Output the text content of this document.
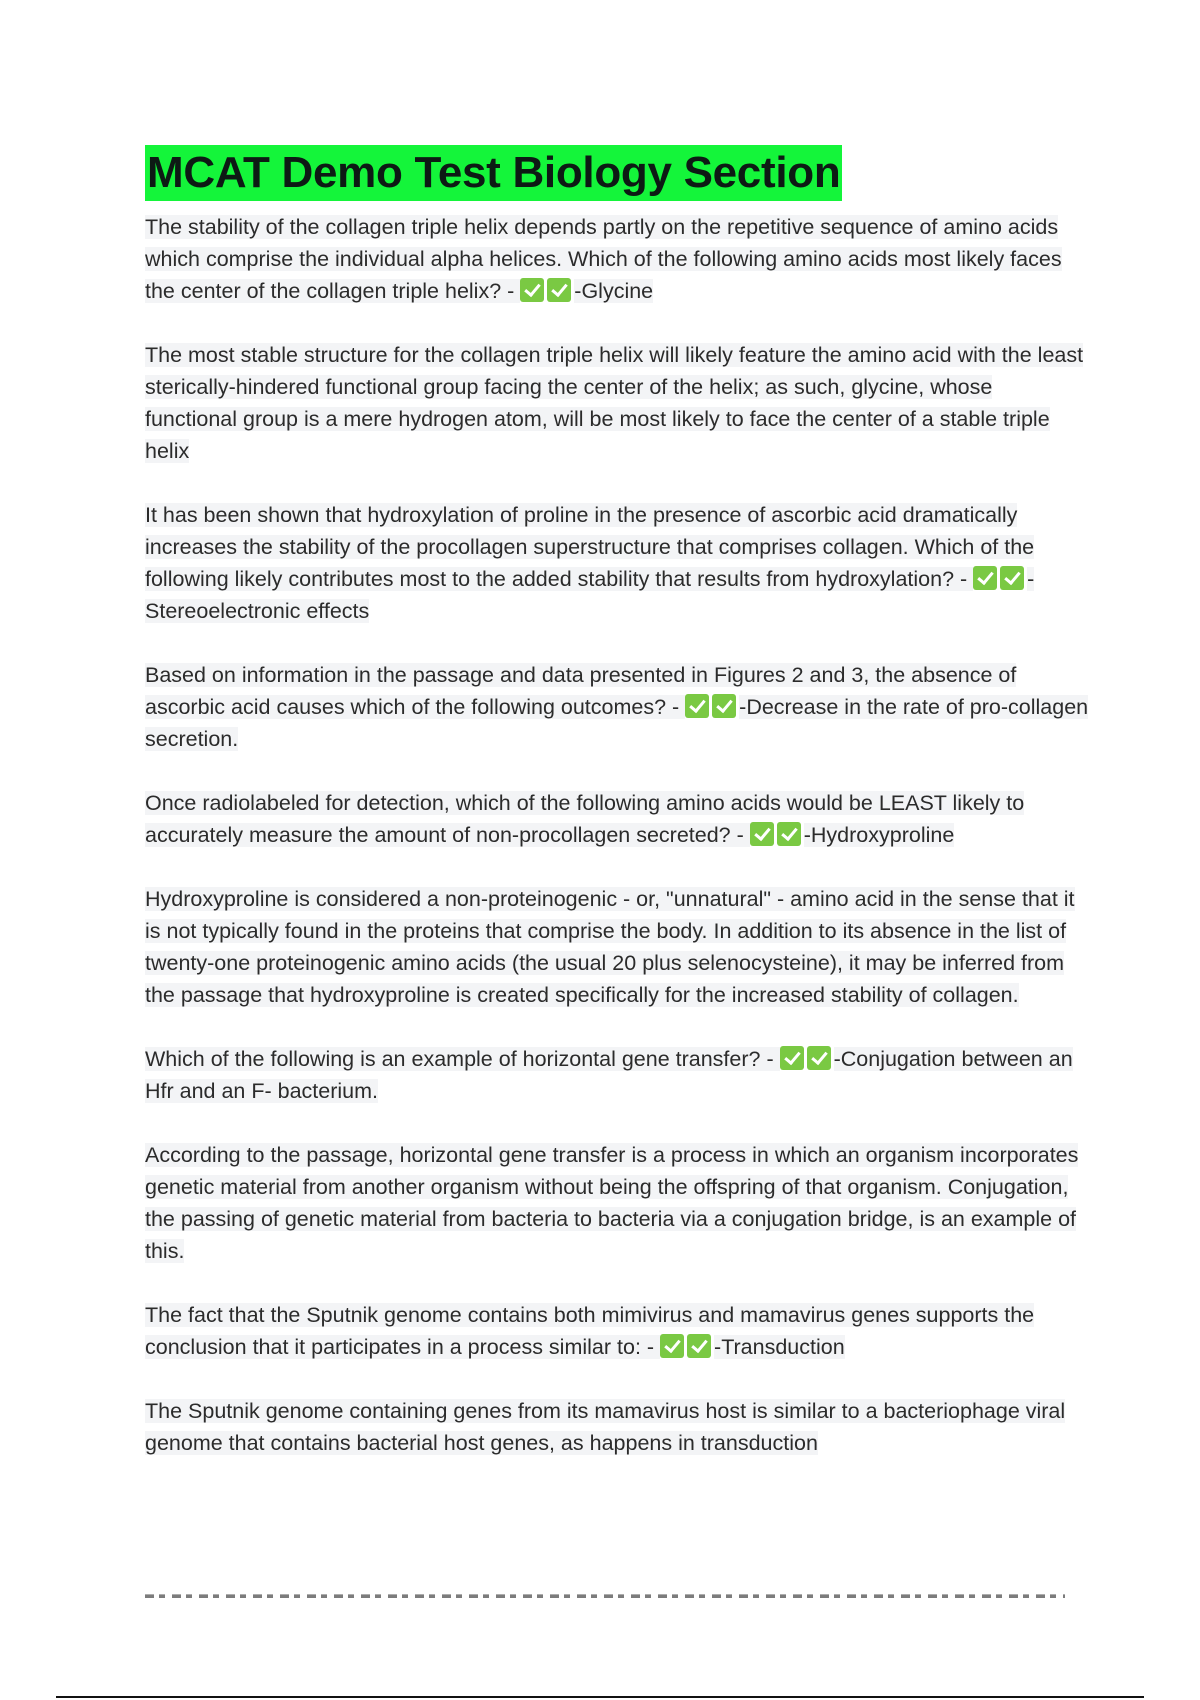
MCAT Demo Test Biology Section
The stability of the collagen triple helix depends partly on the repetitive sequence of amino acids which comprise the individual alpha helices. Which of the following amino acids most likely faces the center of the collagen triple helix? -	-Glycine
The most stable structure for the collagen triple helix will likely feature the amino acid with the least sterically-hindered functional group facing the center of the helix; as such, glycine, whose functional group is a mere hydrogen atom, will be most likely to face the center of a stable triple helix
It has been shown that hydroxylation of proline in the presence of ascorbic acid dramatically increases the stability of the procollagen superstructure that comprises collagen. Which of the following likely contributes most to the added stability that results from hydroxylation? -	-Stereoelectronic effects
Based on information in the passage and data presented in Figures 2 and 3, the absence of ascorbic acid causes which of the following outcomes? -	-Decrease in the rate of pro-collagen secretion.
Once radiolabeled for detection, which of the following amino acids would be LEAST likely to accurately measure the amount of non-procollagen secreted? -	-Hydroxyproline
Hydroxyproline is considered a non-proteinogenic - or, "unnatural" - amino acid in the sense that it is not typically found in the proteins that comprise the body. In addition to its absence in the list of twenty-one proteinogenic amino acids (the usual 20 plus selenocysteine), it may be inferred from the passage that hydroxyproline is created specifically for the increased stability of collagen.
Which of the following is an example of horizontal gene transfer? -	-Conjugation between an Hfr and an F- bacterium.
According to the passage, horizontal gene transfer is a process in which an organism incorporates genetic material from another organism without being the offspring of that organism. Conjugation, the passing of genetic material from bacteria to bacteria via a conjugation bridge, is an example of this.
The fact that the Sputnik genome contains both mimivirus and mamavirus genes supports the conclusion that it participates in a process similar to: -	-Transduction
The Sputnik genome containing genes from its mamavirus host is similar to a bacteriophage viral genome that contains bacterial host genes, as happens in transduction
